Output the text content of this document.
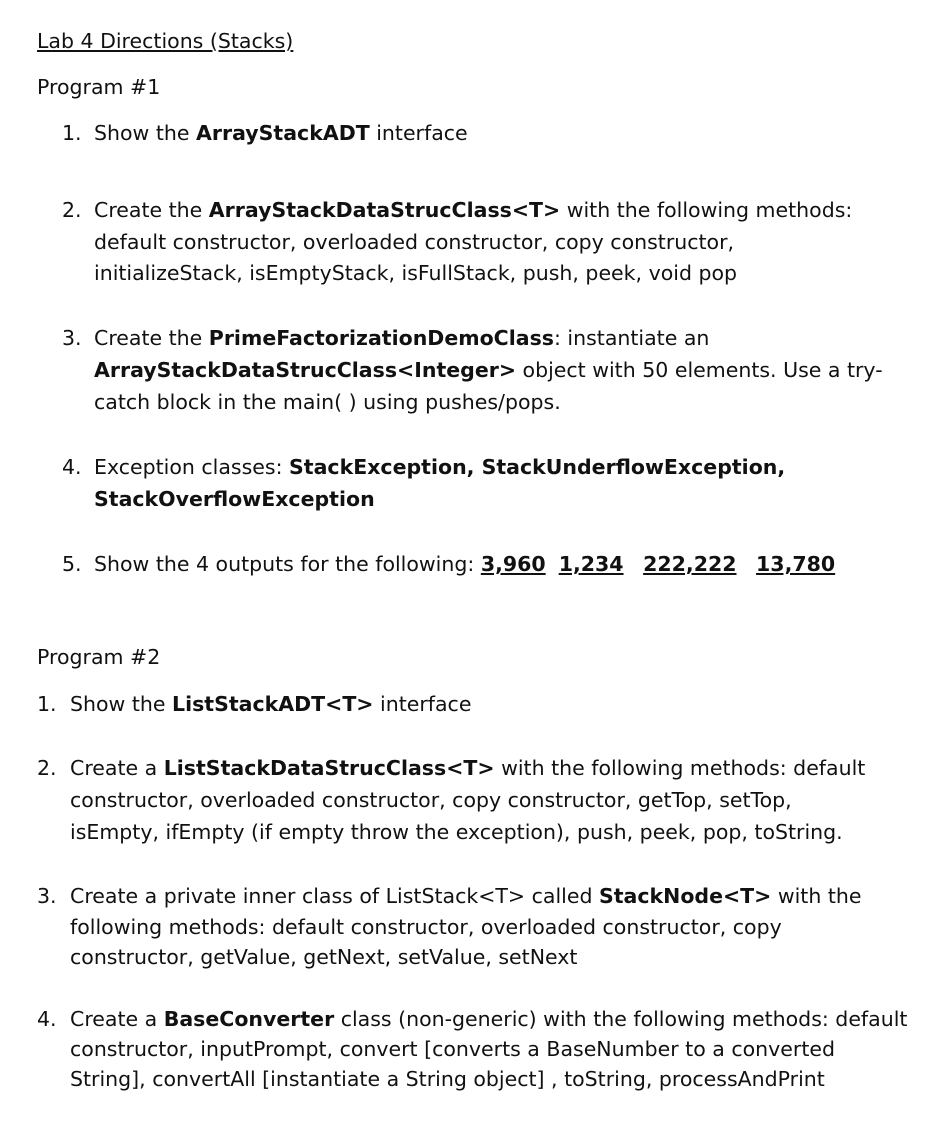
Lab 4 Directions (Stacks)
Program #1
1. Show the ArrayStackADT interface
2. Create the ArrayStackDataStrucClass<T> with the following methods:
default constructor, overloaded constructor, copy constructor,
initializeStack, isEmptyStack, isFullStack, push, peek, void pop
3. Create the PrimeFactorizationDemoClass: instantiate an
ArrayStackDataStrucClass<Integer> object with 50 elements. Use a try-
catch block in the main( ) using pushes/pops.
4. Exception classes: StackException, StackUnderflowException,
StackOverflowException
5. Show the 4 outputs for the following: 3,960 1,234 222,222 13,780
Program #2
1. Show the ListStackADT<T> interface
2. Create a ListStackDataStrucClass<T> with the following methods: default
constructor, overloaded constructor, copy constructor, getTop, setTop,
isEmpty, ifEmpty (if empty throw the exception), push, peek, pop, toString.
3. Create a private inner class of ListStack<T> called StackNode<T> with the
following methods: default constructor, overloaded constructor, copy
constructor, getValue, getNext, setValue, setNext
4. Create a BaseConverter class (non-generic) with the following methods: default
constructor, inputPrompt, convert [converts a BaseNumber to a converted
String], convertAll [instantiate a String object] , toString, processAndPrint
